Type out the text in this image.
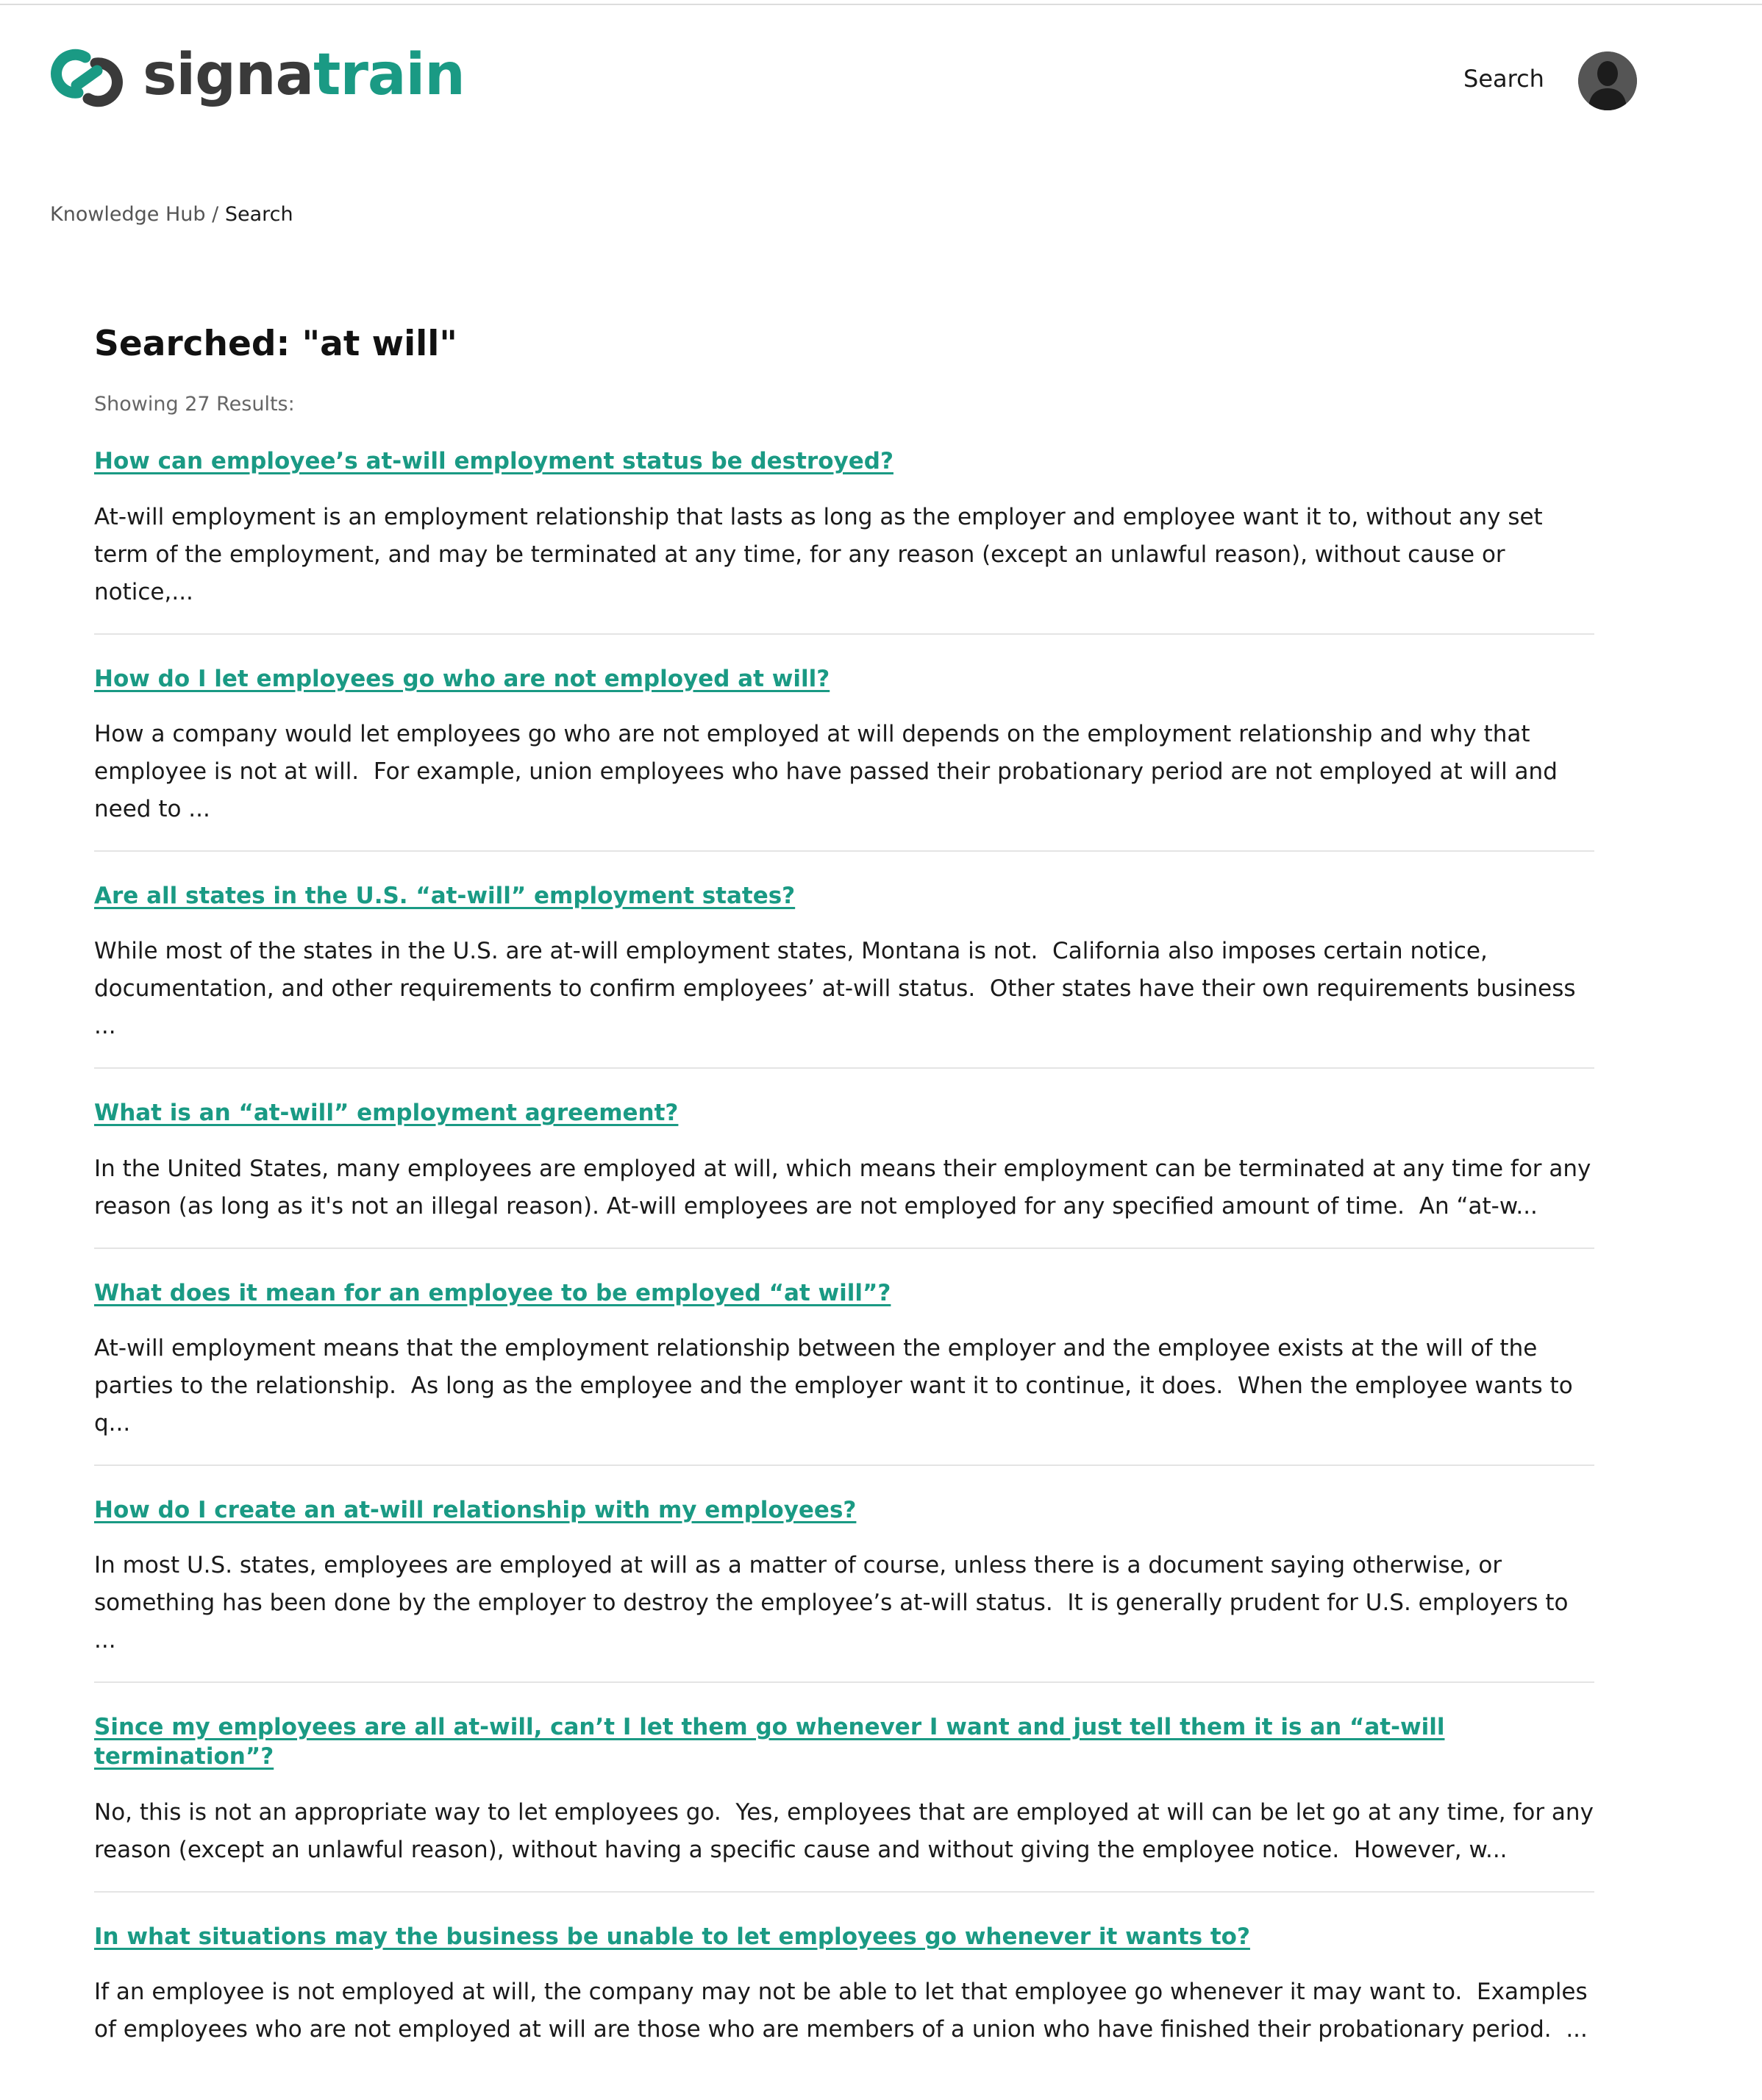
signatrain	Search
Knowledge Hub / Search
Searched: "at will"
Showing 27 Results:
How can employee’s at-will employment status be destroyed?
At-will employment is an employment relationship that lasts as long as the employer and employee want it to, without any set term of the employment, and may be terminated at any time, for any reason (except an unlawful reason), without cause or notice,...
How do I let employees go who are not employed at will?
How a company would let employees go who are not employed at will depends on the employment relationship and why that employee is not at will.  For example, union employees who have passed their probationary period are not employed at will and need to ...
Are all states in the U.S. “at-will” employment states?
While most of the states in the U.S. are at-will employment states, Montana is not.  California also imposes certain notice, documentation, and other requirements to confirm employees’ at-will status.  Other states have their own requirements business ...
What is an “at-will” employment agreement?
In the United States, many employees are employed at will, which means their employment can be terminated at any time for any reason (as long as it's not an illegal reason). At-will employees are not employed for any specified amount of time.  An “at-w...
What does it mean for an employee to be employed “at will”?
At-will employment means that the employment relationship between the employer and the employee exists at the will of the parties to the relationship.  As long as the employee and the employer want it to continue, it does.  When the employee wants to q...
How do I create an at-will relationship with my employees?
In most U.S. states, employees are employed at will as a matter of course, unless there is a document saying otherwise, or something has been done by the employer to destroy the employee’s at-will status.  It is generally prudent for U.S. employers to ...
Since my employees are all at-will, can’t I let them go whenever I want and just tell them it is an “at-will termination”?
No, this is not an appropriate way to let employees go.  Yes, employees that are employed at will can be let go at any time, for any reason (except an unlawful reason), without having a specific cause and without giving the employee notice.  However, w...
In what situations may the business be unable to let employees go whenever it wants to?
If an employee is not employed at will, the company may not be able to let that employee go whenever it may want to.  Examples of employees who are not employed at will are those who are members of a union who have finished their probationary period.  ...
